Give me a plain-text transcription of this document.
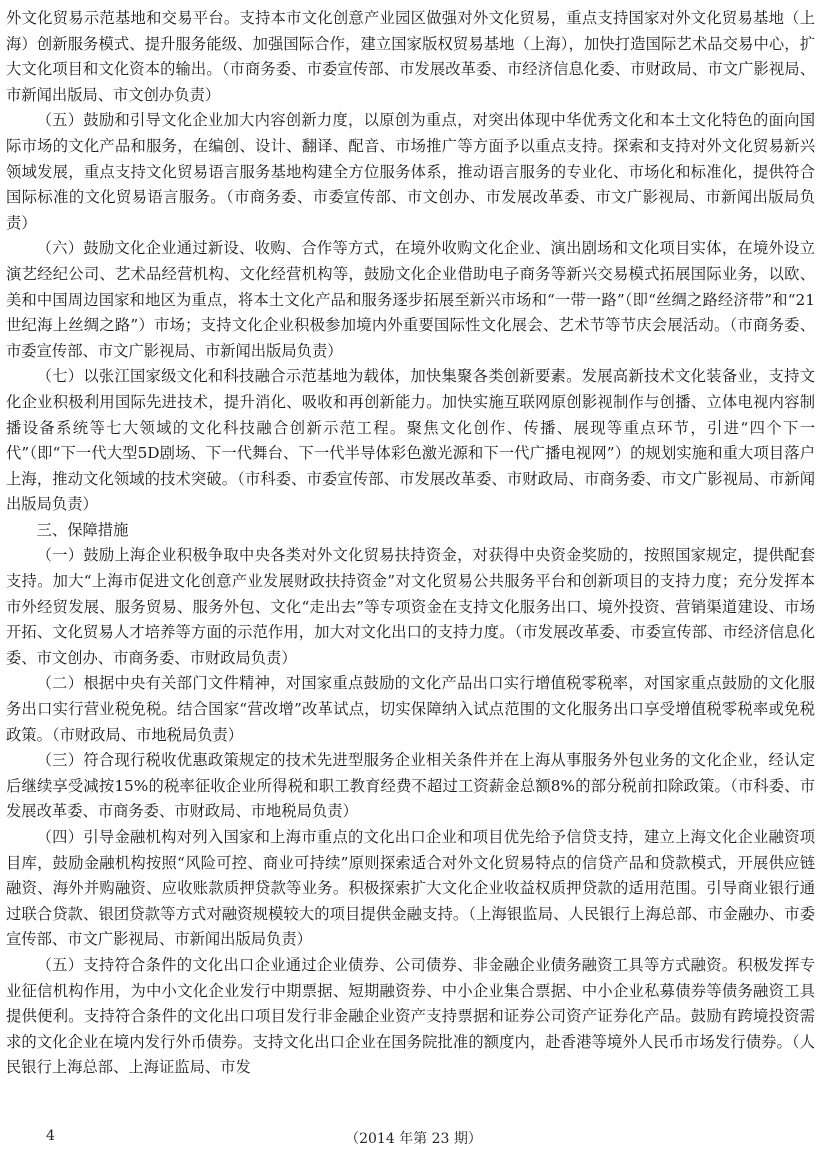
外文化贸易示范基地和交易平台。支持本市文化创意产业园区做强对外文化贸易，重点支持国家对外文化贸易基地（上海）创新服务模式、提升服务能级、加强国际合作，建立国家版权贸易基地（上海），加快打造国际艺术品交易中心，扩大文化项目和文化资本的输出。（市商务委、市委宣传部、市发展改革委、市经济信息化委、市财政局、市文广影视局、市新闻出版局、市文创办负责）

（五）鼓励和引导文化企业加大内容创新力度，以原创为重点，对突出体现中华优秀文化和本土文化特色的面向国际市场的文化产品和服务，在编创、设计、翻译、配音、市场推广等方面予以重点支持。探索和支持对外文化贸易新兴领域发展，重点支持文化贸易语言服务基地构建全方位服务体系，推动语言服务的专业化、市场化和标准化，提供符合国际标准的文化贸易语言服务。（市商务委、市委宣传部、市文创办、市发展改革委、市文广影视局、市新闻出版局负责）

（六）鼓励文化企业通过新设、收购、合作等方式，在境外收购文化企业、演出剧场和文化项目实体，在境外设立演艺经纪公司、艺术品经营机构、文化经营机构等，鼓励文化企业借助电子商务等新兴交易模式拓展国际业务，以欧、美和中国周边国家和地区为重点，将本土文化产品和服务逐步拓展至新兴市场和“一带一路”（即“丝绸之路经济带”和“21世纪海上丝绸之路”）市场；支持文化企业积极参加境内外重要国际性文化展会、艺术节等节庆会展活动。（市商务委、市委宣传部、市文广影视局、市新闻出版局负责）

（七）以张江国家级文化和科技融合示范基地为载体，加快集聚各类创新要素。发展高新技术文化装备业，支持文化企业积极利用国际先进技术，提升消化、吸收和再创新能力。加快实施互联网原创影视制作与创播、立体电视内容制播设备系统等七大领域的文化科技融合创新示范工程。聚焦文化创作、传播、展现等重点环节，引进“四个下一代”（即“下一代大型5D剧场、下一代舞台、下一代半导体彩色激光源和下一代广播电视网”）的规划实施和重大项目落户上海，推动文化领域的技术突破。（市科委、市委宣传部、市发展改革委、市财政局、市商务委、市文广影视局、市新闻出版局负责）

三、保障措施

（一）鼓励上海企业积极争取中央各类对外文化贸易扶持资金，对获得中央资金奖励的，按照国家规定，提供配套支持。加大“上海市促进文化创意产业发展财政扶持资金”对文化贸易公共服务平台和创新项目的支持力度；充分发挥本市外经贸发展、服务贸易、服务外包、文化“走出去”等专项资金在支持文化服务出口、境外投资、营销渠道建设、市场开拓、文化贸易人才培养等方面的示范作用，加大对文化出口的支持力度。（市发展改革委、市委宣传部、市经济信息化委、市文创办、市商务委、市财政局负责）

（二）根据中央有关部门文件精神，对国家重点鼓励的文化产品出口实行增值税零税率，对国家重点鼓励的文化服务出口实行营业税免税。结合国家“营改增”改革试点，切实保障纳入试点范围的文化服务出口享受增值税零税率或免税政策。（市财政局、市地税局负责）

（三）符合现行税收优惠政策规定的技术先进型服务企业相关条件并在上海从事服务外包业务的文化企业，经认定后继续享受减按15%的税率征收企业所得税和职工教育经费不超过工资薪金总额8%的部分税前扣除政策。（市科委、市发展改革委、市商务委、市财政局、市地税局负责）

（四）引导金融机构对列入国家和上海市重点的文化出口企业和项目优先给予信贷支持，建立上海文化企业融资项目库，鼓励金融机构按照“风险可控、商业可持续”原则探索适合对外文化贸易特点的信贷产品和贷款模式，开展供应链融资、海外并购融资、应收账款质押贷款等业务。积极探索扩大文化企业收益权质押贷款的适用范围。引导商业银行通过联合贷款、银团贷款等方式对融资规模较大的项目提供金融支持。（上海银监局、人民银行上海总部、市金融办、市委宣传部、市文广影视局、市新闻出版局负责）

（五）支持符合条件的文化出口企业通过企业债券、公司债券、非金融企业债务融资工具等方式融资。积极发挥专业征信机构作用，为中小文化企业发行中期票据、短期融资券、中小企业集合票据、中小企业私募债券等债务融资工具提供便利。支持符合条件的文化出口项目发行非金融企业资产支持票据和证券公司资产证券化产品。鼓励有跨境投资需求的文化企业在境内发行外币债券。支持文化出口企业在国务院批准的额度内，赴香港等境外人民币市场发行债券。（人民银行上海总部、上海证监局、市发

4	（2014 年第 23 期）
